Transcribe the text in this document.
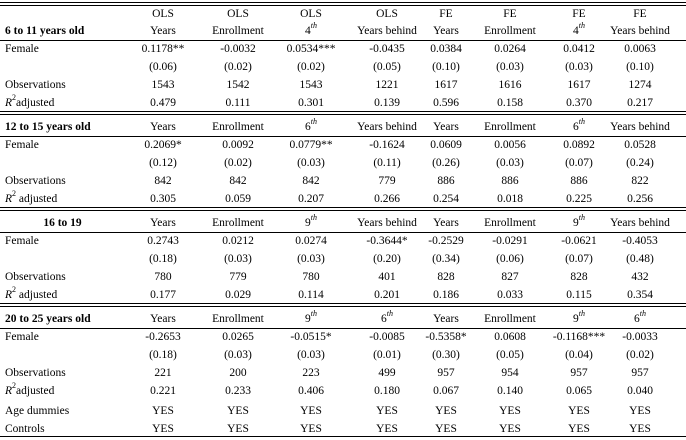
OLS	OLS	OLS	OLS	FE	FE	FE	FE
6 to 11 years old	Years	Enrollment	4th	Years behind	Years	Enrollment	4th	Years behind
Female	0.1178**	-0.0032	0.0534***	-0.0435	0.0384	0.0264	0.0412	0.0063
(0.06)	(0.02)	(0.02)	(0.05)	(0.10)	(0.03)	(0.03)	(0.10)
Observations	1543	1542	1543	1221	1617	1616	1617	1274
$R^2adjusted$	0.479	0.111	0.301	0.139	0.596	0.158	0.370	0.217
12 to 15 years old	Years	Enrollment	6th	Years behind	Years	Enrollment	6th	Years behind
Female	0.2069*	0.0092	0.0779**	-0.1624	0.0609	0.0056	0.0892	0.0528
(0.12)	(0.02)	(0.03)	(0.11)	(0.26)	(0.03)	(0.07)	(0.24)
Observations	842	842	842	779	886	886	886	822
$R^2$ adjusted	0.305	0.059	0.207	0.266	0.254	0.018	0.225	0.256
16 to 19	Years	Enrollment	9th	Years behind	Years	Enrollment	9th	Years behind
Female	0.2743	0.0212	0.0274	-0.3644*	-0.2529	-0.0291	-0.0621	-0.4053
(0.18)	(0.03)	(0.03)	(0.20)	(0.34)	(0.06)	(0.07)	(0.48)
Observations	780	779	780	401	828	827	828	432
$R^2$ adjusted	0.177	0.029	0.114	0.201	0.186	0.033	0.115	0.354
20 to 25 years old	Years	Enrollment	9th	6th	Years	Enrollment	9th	6th
Female	-0.2653	0.0265	-0.0515*	-0.0085	-0.5358*	0.0608	-0.1168***	-0.0033
(0.18)	(0.03)	(0.03)	(0.01)	(0.30)	(0.05)	(0.04)	(0.02)
Observations	221	200	223	499	957	954	957	957
$R^2adjusted$	0.221	0.233	0.406	0.180	0.067	0.140	0.065	0.040
Age dummies	YES	YES	YES	YES	YES	YES	YES	YES
Controls	YES	YES	YES	YES	YES	YES	YES	YES
